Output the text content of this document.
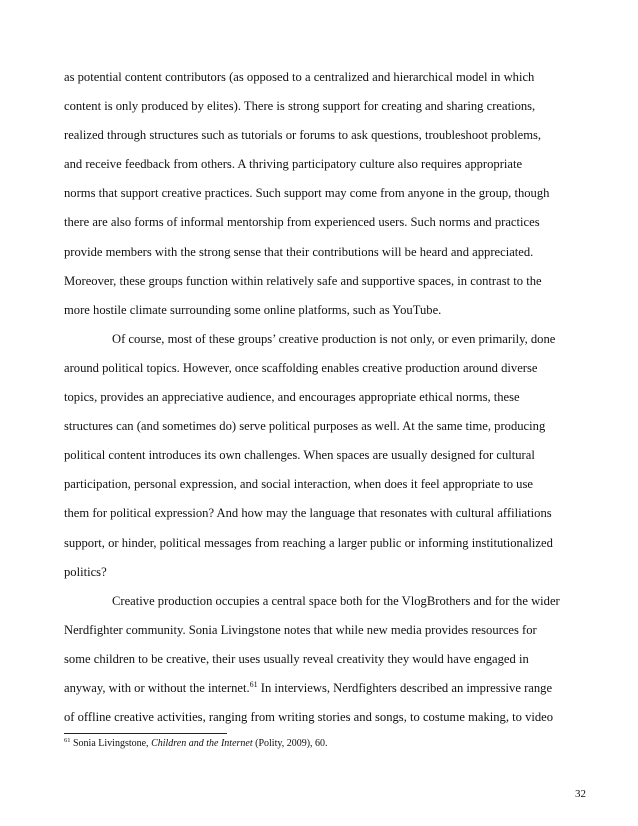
as potential content contributors (as opposed to a centralized and hierarchical model in which
content is only produced by elites). There is strong support for creating and sharing creations,
realized through structures such as tutorials or forums to ask questions, troubleshoot problems,
and receive feedback from others. A thriving participatory culture also requires appropriate
norms that support creative practices. Such support may come from anyone in the group, though
there are also forms of informal mentorship from experienced users. Such norms and practices
provide members with the strong sense that their contributions will be heard and appreciated.
Moreover, these groups function within relatively safe and supportive spaces, in contrast to the
more hostile climate surrounding some online platforms, such as YouTube.

Of course, most of these groups’ creative production is not only, or even primarily, done
around political topics. However, once scaffolding enables creative production around diverse
topics, provides an appreciative audience, and encourages appropriate ethical norms, these
structures can (and sometimes do) serve political purposes as well. At the same time, producing
political content introduces its own challenges. When spaces are usually designed for cultural
participation, personal expression, and social interaction, when does it feel appropriate to use
them for political expression? And how may the language that resonates with cultural affiliations
support, or hinder, political messages from reaching a larger public or informing institutionalized
politics?

Creative production occupies a central space both for the VlogBrothers and for the wider
Nerdfighter community. Sonia Livingstone notes that while new media provides resources for
some children to be creative, their uses usually reveal creativity they would have engaged in
anyway, with or without the internet.$^{61}$ In interviews, Nerdfighters described an impressive range
of offline creative activities, ranging from writing stories and songs, to costume making, to video

$^{61}$ Sonia Livingstone, Children and the Internet (Polity, 2009), 60.
32
